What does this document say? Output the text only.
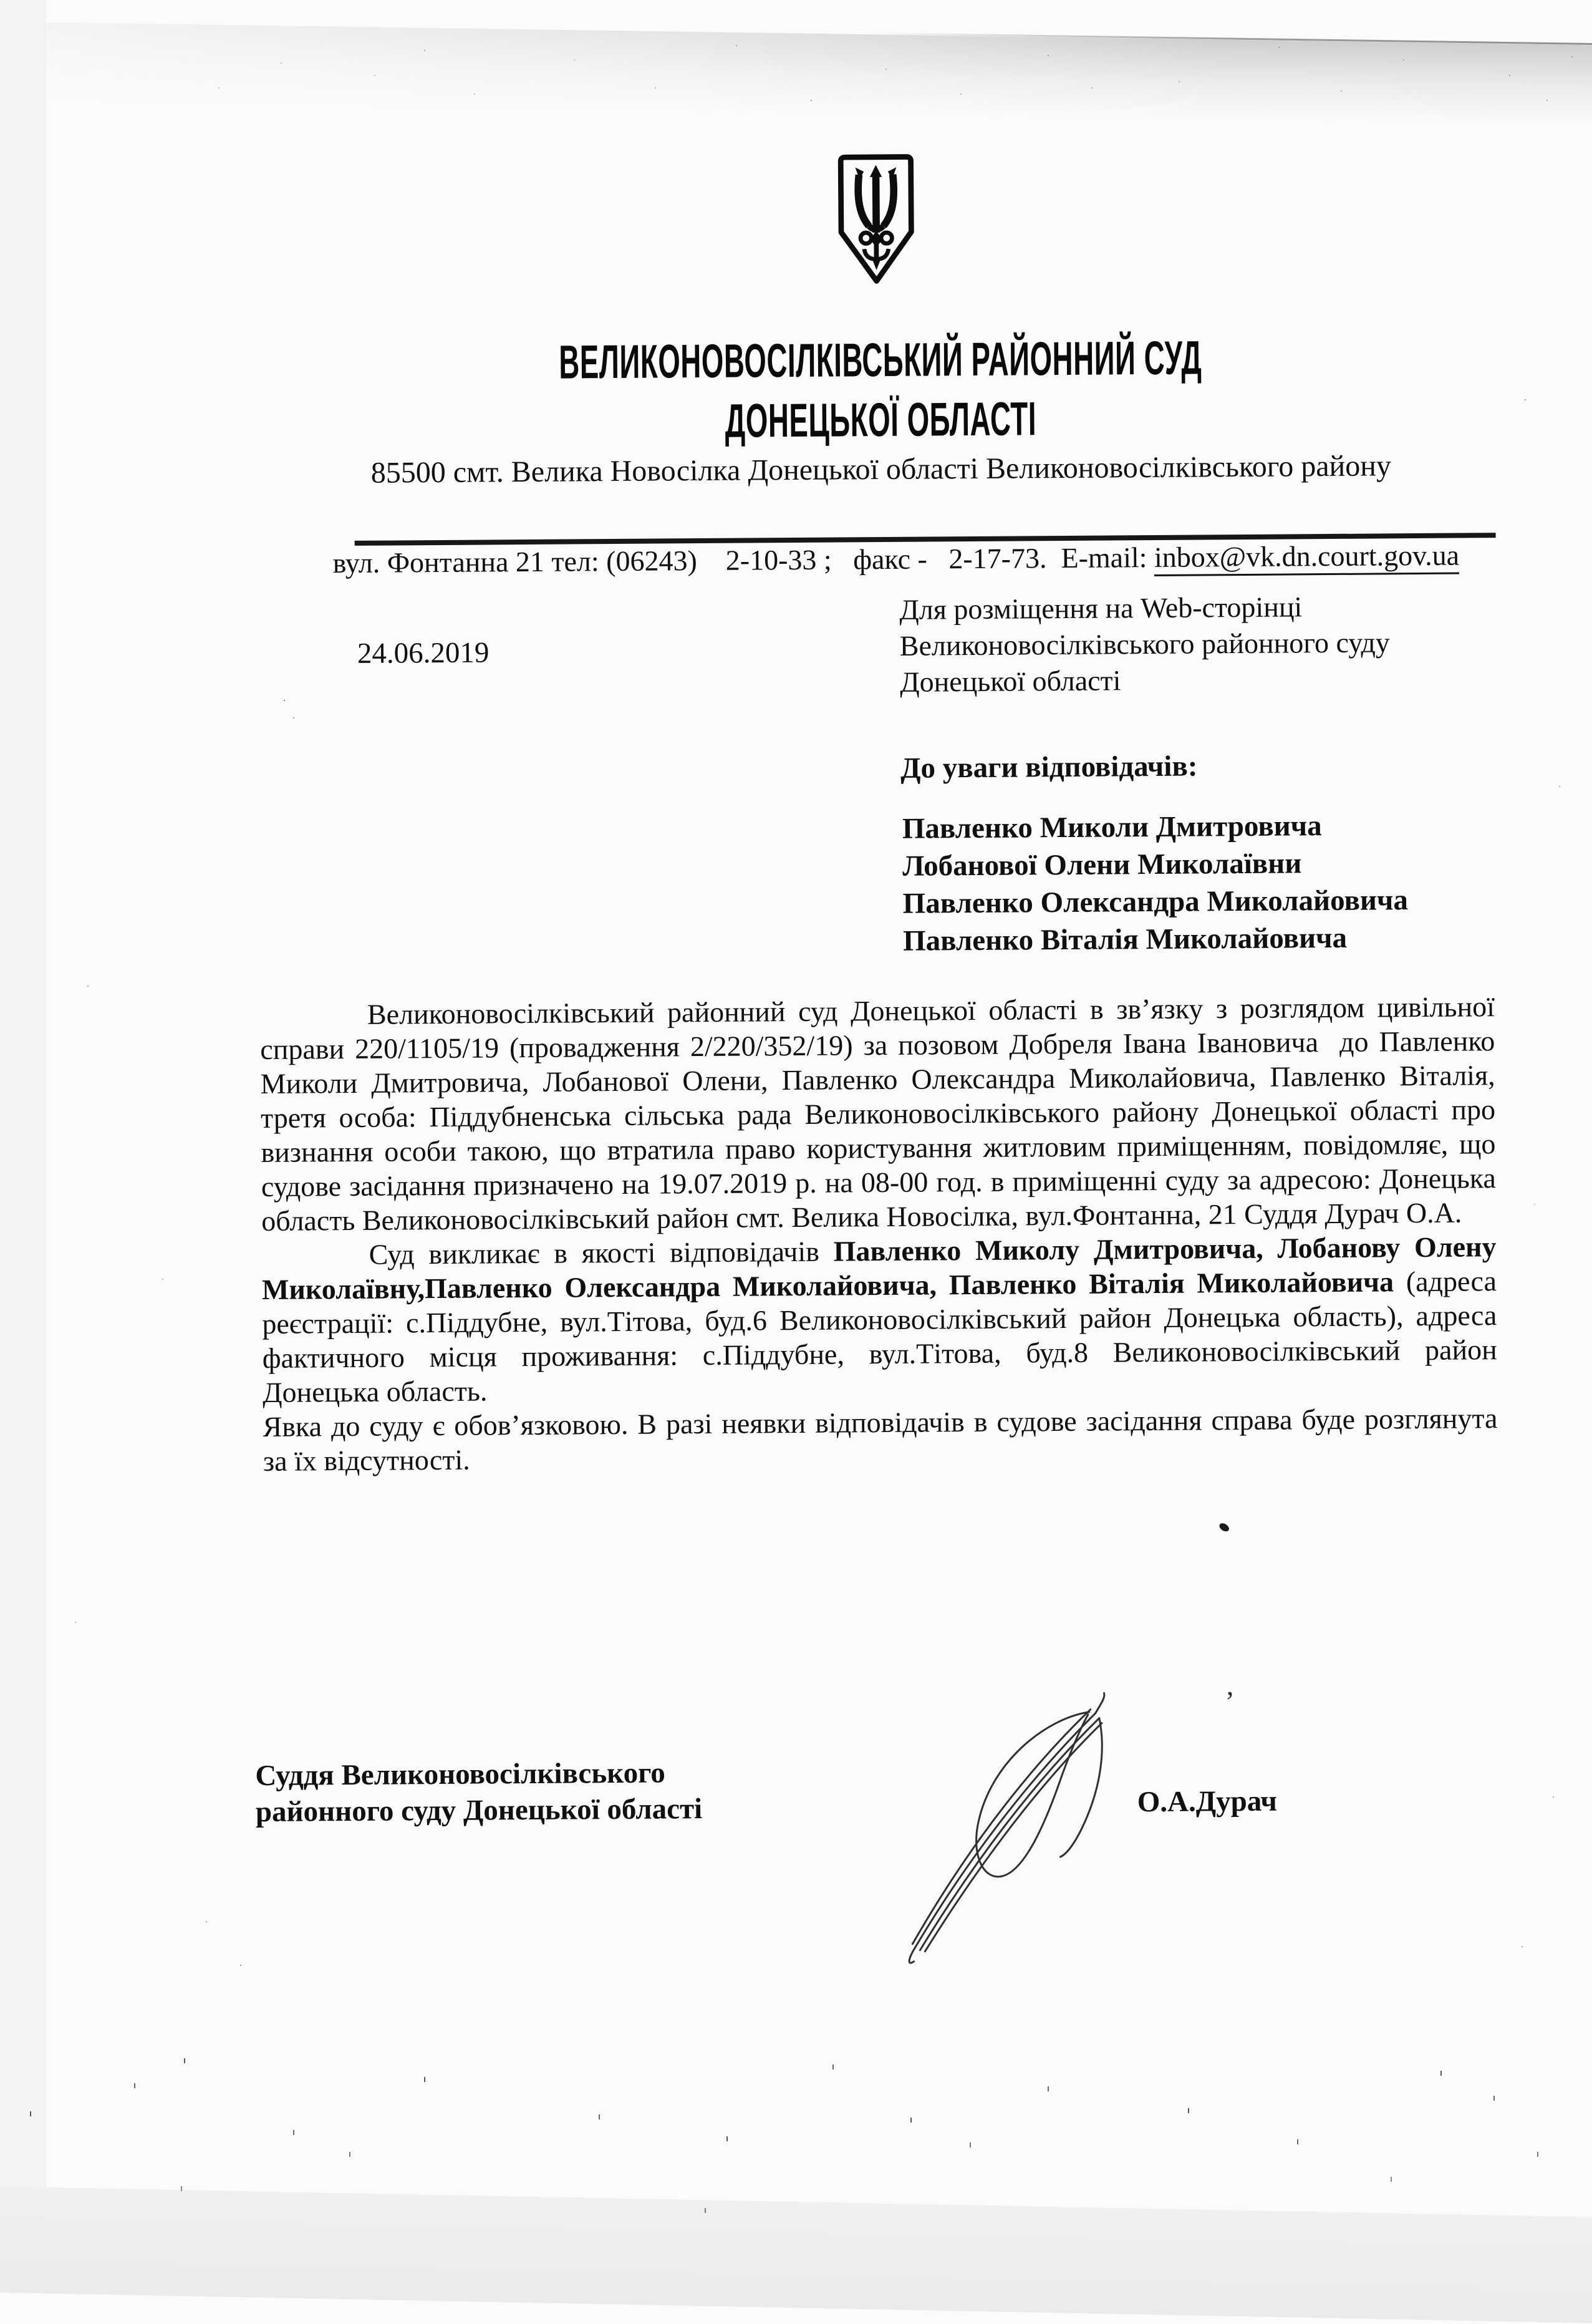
ВЕЛИКОНОВОСІЛКІВСЬКИЙ РАЙОННИЙ СУД
ДОНЕЦЬКОЇ ОБЛАСТІ
85500 смт. Велика Новосілка Донецької області Великоновосілківського району

вул. Фонтанна 21 тел: (06243)    2-10-33 ;   факс -   2-17-73.  E-mail: inbox@vk.dn.court.gov.ua

24.06.2019
Для розміщення на Web-сторінці
Великоновосілківського районного суду
Донецької області
До уваги відповідачів:
Павленко Миколи Дмитровича
Лобанової Олени Миколаївни
Павленко Олександра Миколайовича
Павленко Віталія Миколайовича

Великоновосілківський районний суд Донецької області в зв’язку з розглядом цивільної справи 220/1105/19 (провадження 2/220/352/19) за позовом Добреля Івана Івановича  до Павленко Миколи Дмитровича, Лобанової Олени, Павленко Олександра Миколайовича, Павленко Віталія, третя особа: Піддубненська сільська рада Великоновосілківського району Донецької області про визнання особи такою, що втратила право користування житловим приміщенням, повідомляє, що судове засідання призначено на 19.07.2019 р. на 08-00 год. в приміщенні суду за адресою: Донецька область Великоновосілківський район смт. Велика Новосілка, вул.Фонтанна, 21 Суддя Дурач О.А.

Суд викликає в якості відповідачів Павленко Миколу Дмитровича, Лобанову Олену Миколаївну,Павленко Олександра Миколайовича, Павленко Віталія Миколайовича (адреса реєстрації: с.Піддубне, вул.Тітова, буд.6 Великоновосілківський район Донецька область), адреса фактичного місця проживання: с.Піддубне, вул.Тітова, буд.8 Великоновосілківський район Донецька область.

Явка до суду є обов’язковою. В разі неявки відповідачів в судове засідання справа буде розглянута за їх відсутності.

Суддя Великоновосілківського
районного суду Донецької області	О.А.Дурач
’
